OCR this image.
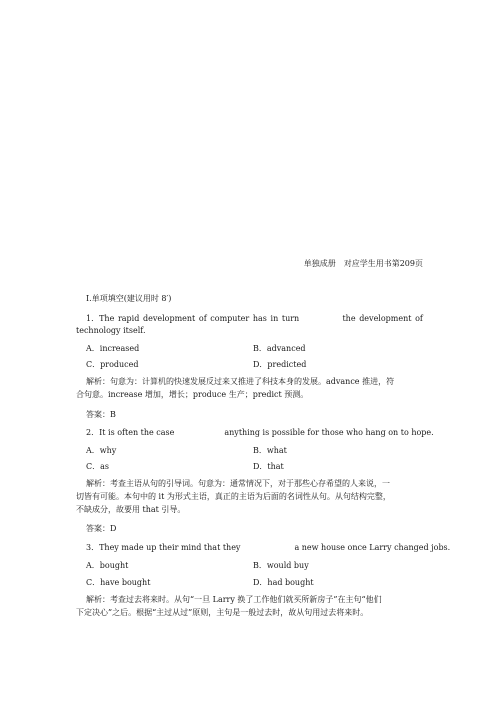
单独成册　对应学生用书第209页
Ⅰ.单项填空(建议用时 8′)
1．The rapid development of computer has in turn	the development of
technology itself.
A．increased	B．advanced
C．produced	D．predicted
解析：句意为：计算机的快速发展反过来又推进了科技本身的发展。advance 推进，符
合句意。increase 增加，增长；produce 生产；predict 预测。
答案：B
2．It is often the case	anything is possible for those who hang on to hope.
A．why	B．what
C．as	D．that
解析：考查主语从句的引导词。句意为：通常情况下，对于那些心存希望的人来说，一
切皆有可能。本句中的 it 为形式主语，真正的主语为后面的名词性从句。从句结构完整，
不缺成分，故要用 that 引导。
答案：D
3．They made up their mind that they	a new house once Larry changed jobs.
A．bought	B．would buy
C．have bought	D．had bought
解析：考查过去将来时。从句“一旦 Larry 换了工作他们就买所新房子”在主句“他们
下定决心”之后。根据“主过从过”原则，主句是一般过去时，故从句用过去将来时。
